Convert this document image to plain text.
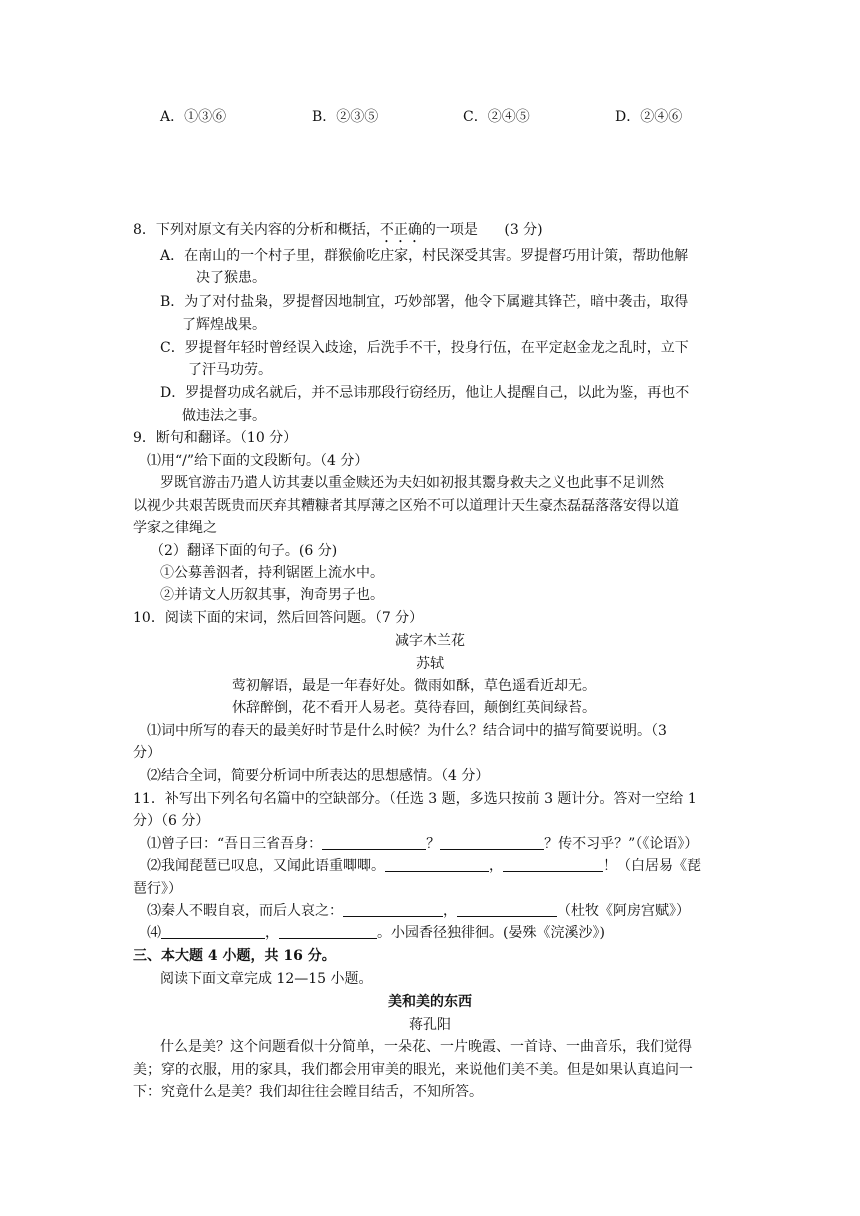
A．①③⑥	B．②③⑤	C．②④⑤	D．②④⑥
8．下列对原文有关内容的分析和概括，不正确的一项是 (3 分)
A．在南山的一个村子里，群猴偷吃庄家，村民深受其害。罗提督巧用计策，帮助他解
决了猴患。
B．为了对付盐枭，罗提督因地制宜，巧妙部署，他令下属避其锋芒，暗中袭击，取得
了辉煌战果。
C．罗提督年轻时曾经误入歧途，后洗手不干，投身行伍，在平定赵金龙之乱时，立下
了汗马功劳。
D．罗提督功成名就后，并不忌讳那段行窃经历，他让人提醒自己，以此为鉴，再也不
做违法之事。
9．断句和翻译。（10 分）
⑴用“/”给下面的文段断句。（4 分）
罗既官游击乃遣人访其妻以重金赎还为夫妇如初报其鬻身救夫之义也此事不足训然
以视少共艰苦既贵而厌弃其糟糠者其厚薄之区殆不可以道理计天生豪杰磊磊落落安得以道
学家之律绳之
（2）翻译下面的句子。(6 分)
①公募善泅者，持利锯匿上流水中。
②并请文人历叙其事，洵奇男子也。
10．阅读下面的宋词，然后回答问题。（7 分）
减字木兰花
苏轼
莺初解语，最是一年春好处。微雨如酥，草色遥看近却无。
休辞醉倒，花不看开人易老。莫待春回，颠倒红英间绿苔。
⑴词中所写的春天的最美好时节是什么时候？为什么？结合词中的描写简要说明。（3
分）
⑵结合全词，简要分析词中所表达的思想感情。（4 分）
11．补写出下列名句名篇中的空缺部分。（任选 3 题，多选只按前 3 题计分。答对一空给 1
分）（6 分）
⑴曾子曰：“吾日三省吾身：	？	？传不习乎？”（《论语》）
⑵我闻琵琶已叹息，又闻此语重唧唧。	，	！（白居易《琵
琶行》）
⑶秦人不暇自哀，而后人哀之：	，	（杜牧《阿房宫赋》）
⑷	，	。小园香径独徘徊。(晏殊《浣溪沙》)
三、本大题 4 小题，共 16 分。
阅读下面文章完成 12—15 小题。
美和美的东西
蒋孔阳
什么是美？这个问题看似十分简单，一朵花、一片晚霞、一首诗、一曲音乐，我们觉得
美；穿的衣服，用的家具，我们都会用审美的眼光，来说他们美不美。但是如果认真追问一
下：究竟什么是美？我们却往往会瞠目结舌，不知所答。
